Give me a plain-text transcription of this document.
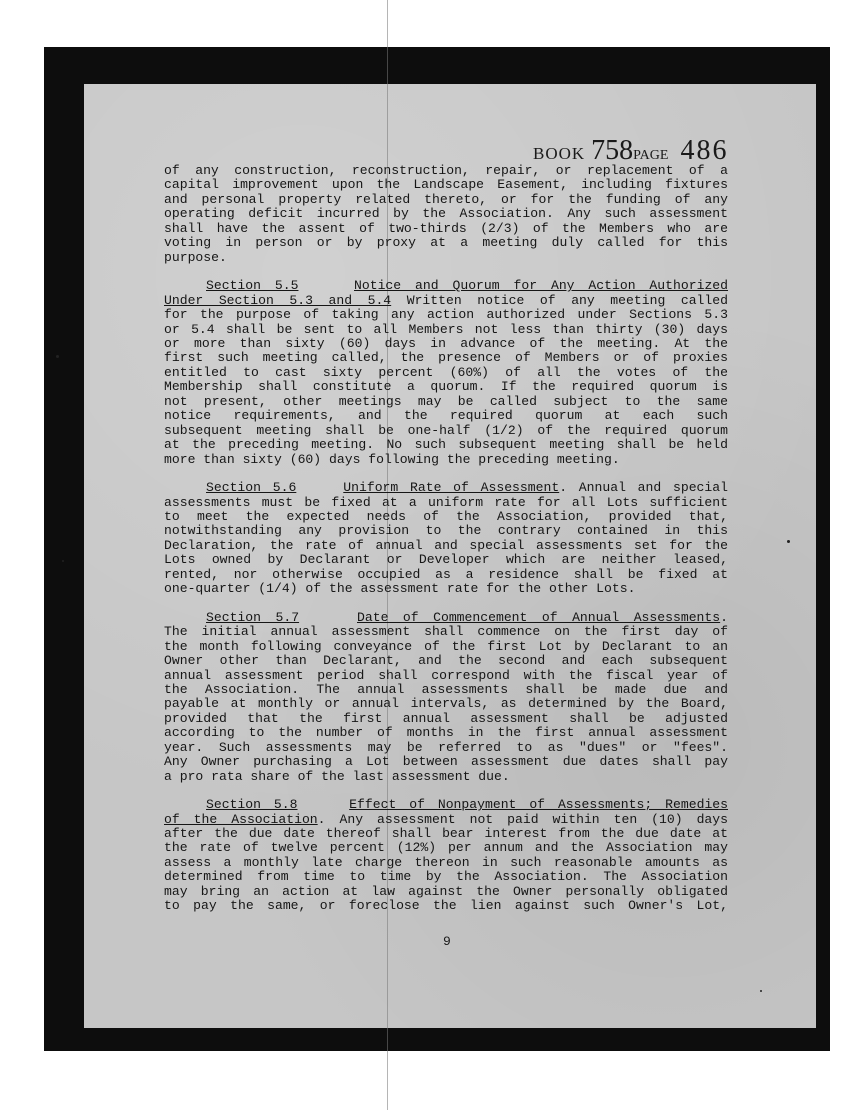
BOOK 758PAGE 486
of any construction, reconstruction, repair, or replacement of a
capital improvement upon the Landscape Easement, including fixtures
and personal property related thereto, or for the funding of any
operating deficit incurred by the Association. Any such assessment
shall have the assent of two-thirds (2/3) of the Members who are
voting in person or by proxy at a meeting duly called for this
purpose.
Section 5.5	Notice and Quorum for Any Action Authorized
Under Section 5.3 and 5.4 Written notice of any meeting called
for the purpose of taking any action authorized under Sections 5.3
or 5.4 shall be sent to all Members not less than thirty (30) days
or more than sixty (60) days in advance of the meeting. At the
first such meeting called, the presence of Members or of proxies
entitled to cast sixty percent (60%) of all the votes of the
Membership shall constitute a quorum. If the required quorum is
not present, other meetings may be called subject to the same
notice requirements, and the required quorum at each such
subsequent meeting shall be one-half (1/2) of the required quorum
at the preceding meeting. No such subsequent meeting shall be held
more than sixty (60) days following the preceding meeting.
Section 5.6	Uniform Rate of Assessment. Annual and special
assessments must be fixed at a uniform rate for all Lots sufficient
to meet the expected needs of the Association, provided that,
notwithstanding any provision to the contrary contained in this
Declaration, the rate of annual and special assessments set for the
Lots owned by Declarant or Developer which are neither leased,
rented, nor otherwise occupied as a residence shall be fixed at
one-quarter (1/4) of the assessment rate for the other Lots.
Section 5.7	Date of Commencement of Annual Assessments.
The initial annual assessment shall commence on the first day of
the month following conveyance of the first Lot by Declarant to an
Owner other than Declarant, and the second and each subsequent
annual assessment period shall correspond with the fiscal year of
the Association. The annual assessments shall be made due and
payable at monthly or annual intervals, as determined by the Board,
provided that the first annual assessment shall be adjusted
according to the number of months in the first annual assessment
year. Such assessments may be referred to as "dues" or "fees".
Any Owner purchasing a Lot between assessment due dates shall pay
a pro rata share of the last assessment due.
Section 5.8	Effect of Nonpayment of Assessments; Remedies
of the Association. Any assessment not paid within ten (10) days
after the due date thereof shall bear interest from the due date at
the rate of twelve percent (12%) per annum and the Association may
assess a monthly late charge thereon in such reasonable amounts as
determined from time to time by the Association. The Association
may bring an action at law against the Owner personally obligated
to pay the same, or foreclose the lien against such Owner's Lot,
9
